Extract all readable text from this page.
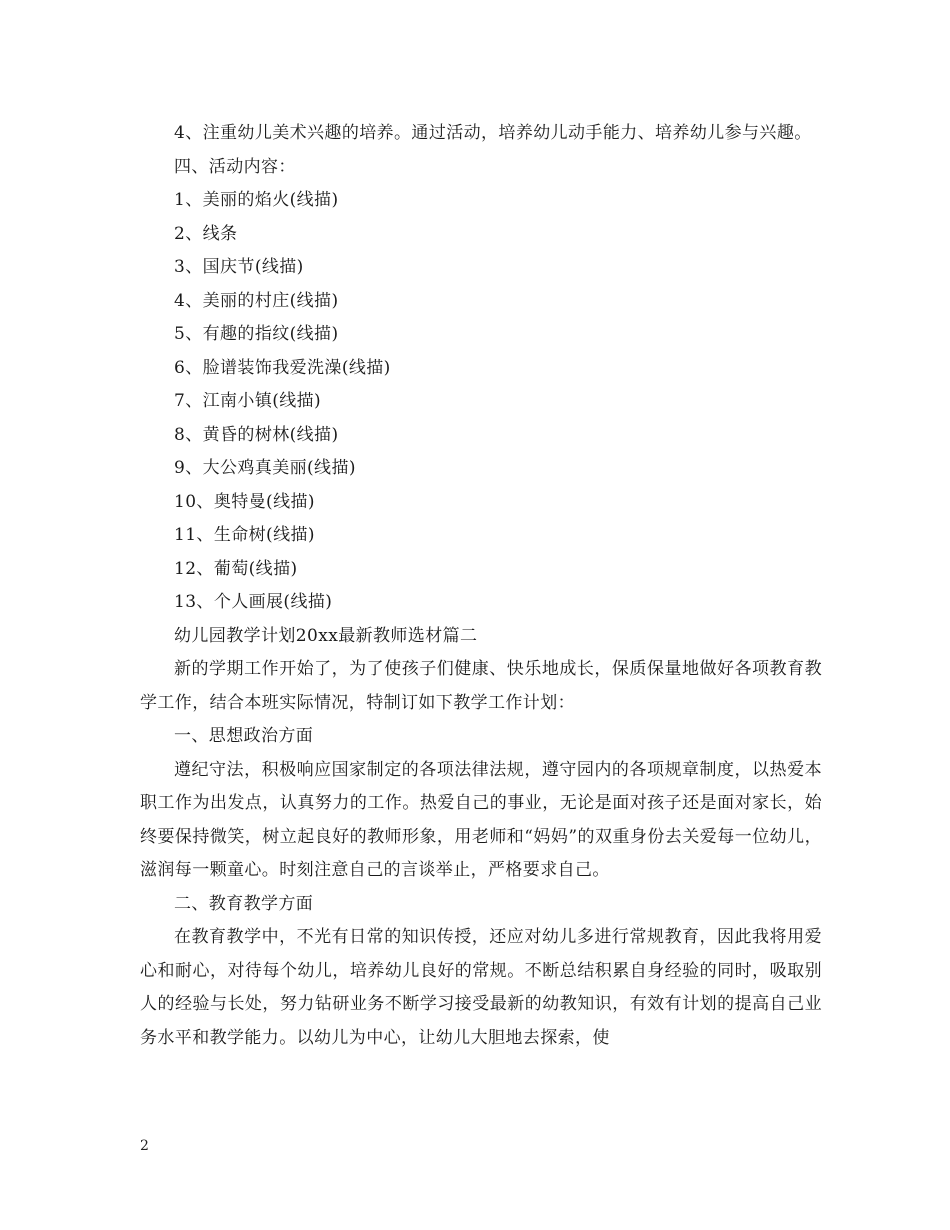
4、注重幼儿美术兴趣的培养。通过活动，培养幼儿动手能力、培养幼儿参与兴趣。

四、活动内容：

1、美丽的焰火(线描)

2、线条

3、国庆节(线描)

4、美丽的村庄(线描)

5、有趣的指纹(线描)

6、脸谱装饰我爱洗澡(线描)

7、江南小镇(线描)

8、黄昏的树林(线描)

9、大公鸡真美丽(线描)

10、奥特曼(线描)

11、生命树(线描)

12、葡萄(线描)

13、个人画展(线描)

幼儿园教学计划20xx最新教师选材篇二

新的学期工作开始了，为了使孩子们健康、快乐地成长，保质保量地做好各项教育教学工作，结合本班实际情况，特制订如下教学工作计划：

一、思想政治方面

遵纪守法，积极响应国家制定的各项法律法规，遵守园内的各项规章制度，以热爱本职工作为出发点，认真努力的工作。热爱自己的事业，无论是面对孩子还是面对家长，始终要保持微笑，树立起良好的教师形象，用老师和“妈妈”的双重身份去关爱每一位幼儿，滋润每一颗童心。时刻注意自己的言谈举止，严格要求自己。

二、教育教学方面

在教育教学中，不光有日常的知识传授，还应对幼儿多进行常规教育，因此我将用爱心和耐心，对待每个幼儿，培养幼儿良好的常规。不断总结积累自身经验的同时，吸取别人的经验与长处，努力钻研业务不断学习接受最新的幼教知识，有效有计划的提高自己业务水平和教学能力。以幼儿为中心，让幼儿大胆地去探索，使

2
